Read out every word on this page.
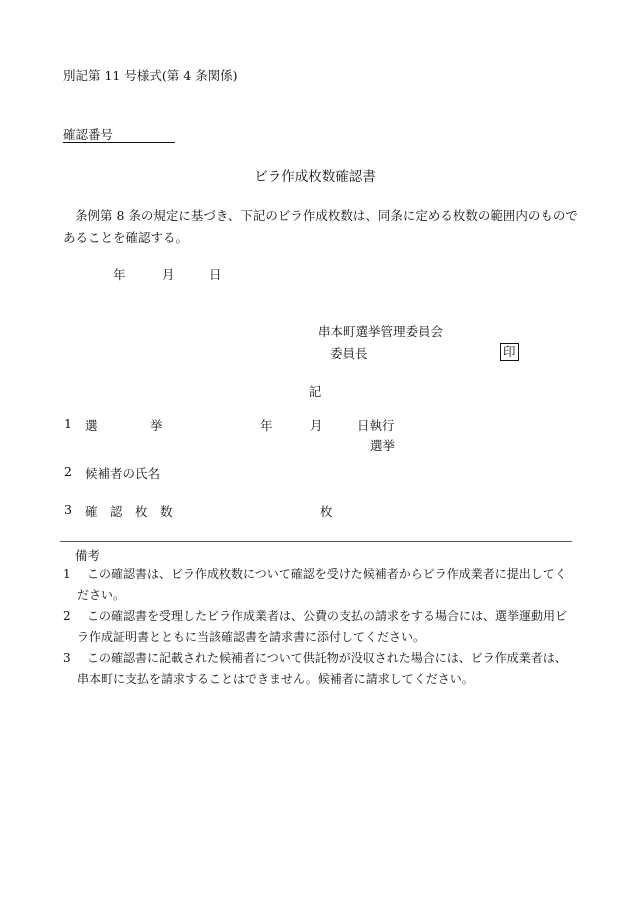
別記第 11 号様式(第 4 条関係)
確認番号
ビラ作成枚数確認書
条例第 8 条の規定に基づき、下記のビラ作成枚数は、同条に定める枚数の範囲内のものであることを確認する。
年	月	日
串本町選挙管理委員会
委員長	印
記
1 選	挙	年	月	日執行
選挙
2 候補者の氏名
3 確　認　枚　数	枚
備考
1	この確認書は、ビラ作成枚数について確認を受けた候補者からビラ作成業者に提出してください。
2	この確認書を受理したビラ作成業者は、公費の支払の請求をする場合には、選挙運動用ビラ作成証明書とともに当該確認書を請求書に添付してください。
3	この確認書に記載された候補者について供託物が没収された場合には、ビラ作成業者は、串本町に支払を請求することはできません。候補者に請求してください。
